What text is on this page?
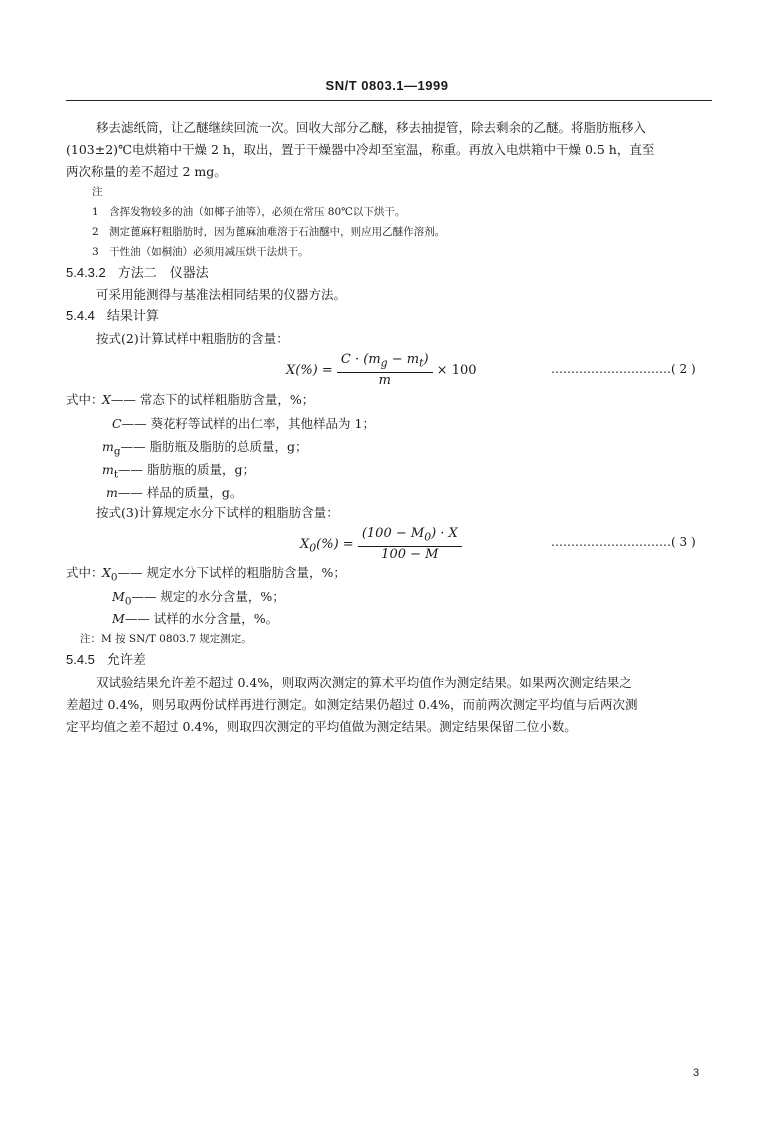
SN/T 0803.1—1999
移去滤纸筒，让乙醚继续回流一次。回收大部分乙醚，移去抽提管，除去剩余的乙醚。将脂肪瓶移入
(103±2)℃电烘箱中干燥 2 h，取出，置于干燥器中冷却至室温，称重。再放入电烘箱中干燥 0.5 h，直至
两次称量的差不超过 2 mg。
注
1　含挥发物较多的油（如椰子油等），必须在常压 80℃以下烘干。
2　测定蓖麻籽粗脂肪时，因为蓖麻油难溶于石油醚中，则应用乙醚作溶剂。
3　干性油（如桐油）必须用减压烘干法烘干。
5.4.3.2 方法二　仪器法
可采用能测得与基准法相同结果的仪器方法。
5.4.4 结果计算
按式(2)计算试样中粗脂肪的含量：
$X(\%) = \frac{C \cdot (m_g - m_t)}{m} \times 100$	…………………………( 2 )
式中：
X—— 常态下的试样粗脂肪含量，%；
C—— 葵花籽等试样的出仁率，其他样品为 1；
$m_g——$ 脂肪瓶及脂肪的总质量，g；
$m_t——$ 脂肪瓶的质量，g；
m—— 样品的质量，g。
按式(3)计算规定水分下试样的粗脂肪含量：
$X_0(\%) = \frac{(100 - M_0) \cdot X}{100 - M}$	…………………………( 3 )
式中：
$X_0——$ 规定水分下试样的粗脂肪含量，%；
$M_0——$ 规定的水分含量，%；
M—— 试样的水分含量，%。
注：M 按 SN/T 0803.7 规定测定。
5.4.5 允许差
双试验结果允许差不超过 0.4%，则取两次测定的算术平均值作为测定结果。如果两次测定结果之
差超过 0.4%，则另取两份试样再进行测定。如测定结果仍超过 0.4%，而前两次测定平均值与后两次测
定平均值之差不超过 0.4%，则取四次测定的平均值做为测定结果。测定结果保留二位小数。
3
